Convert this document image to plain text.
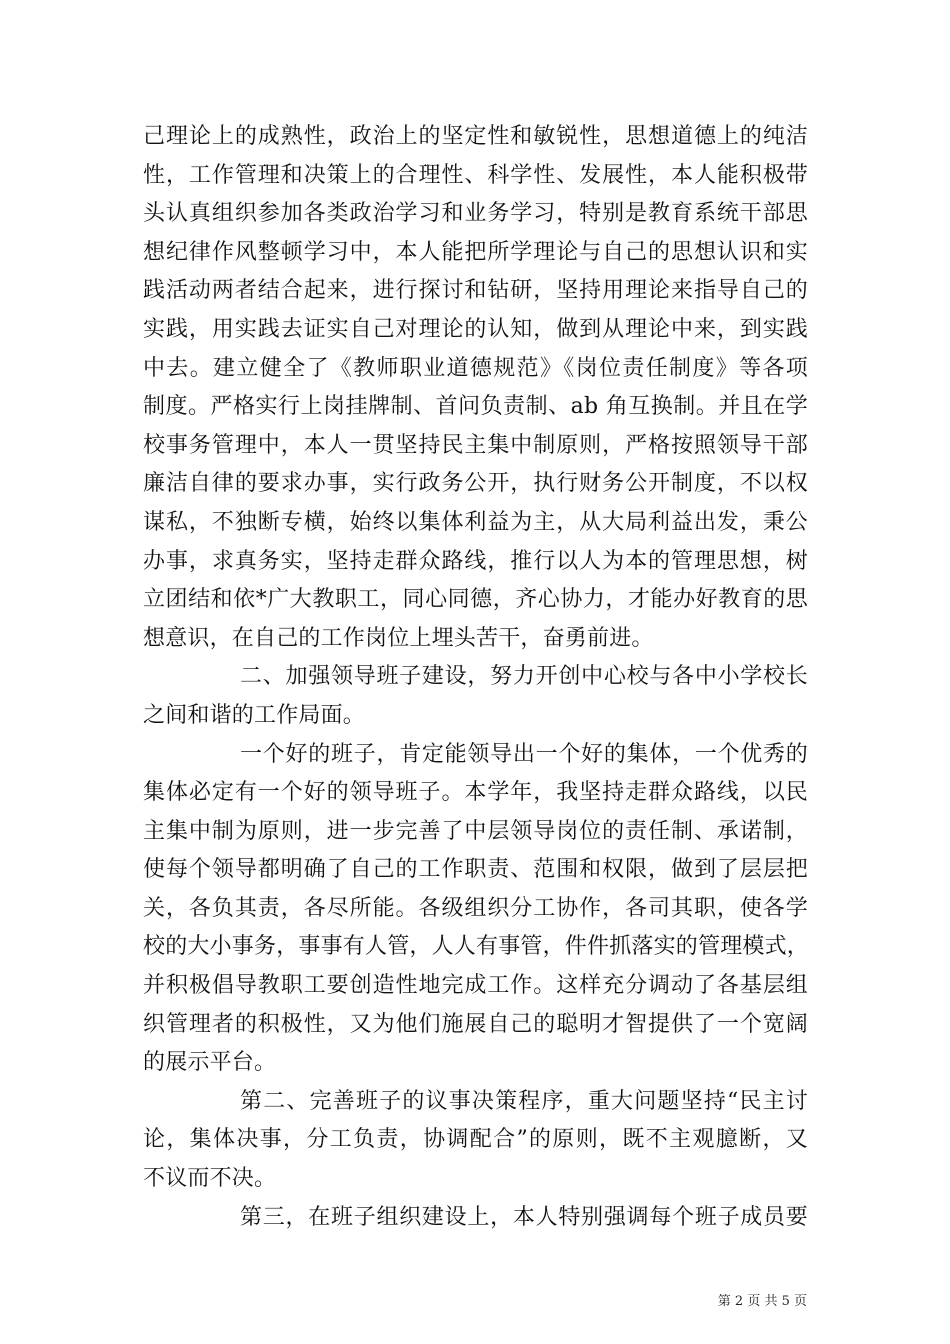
己理论上的成熟性，政治上的坚定性和敏锐性，思想道德上的纯洁
性，工作管理和决策上的合理性、科学性、发展性，本人能积极带
头认真组织参加各类政治学习和业务学习，特别是教育系统干部思
想纪律作风整顿学习中，本人能把所学理论与自己的思想认识和实
践活动两者结合起来，进行探讨和钻研，坚持用理论来指导自己的
实践，用实践去证实自己对理论的认知，做到从理论中来，到实践
中去。建立健全了《教师职业道德规范》《岗位责任制度》等各项
制度。严格实行上岗挂牌制、首问负责制、ab 角互换制。并且在学
校事务管理中，本人一贯坚持民主集中制原则，严格按照领导干部
廉洁自律的要求办事，实行政务公开，执行财务公开制度，不以权
谋私，不独断专横，始终以集体利益为主，从大局利益出发，秉公
办事，求真务实，坚持走群众路线，推行以人为本的管理思想，树
立团结和依*广大教职工，同心同德，齐心协力，才能办好教育的思
想意识，在自己的工作岗位上埋头苦干，奋勇前进。
二、加强领导班子建设，努力开创中心校与各中小学校长
之间和谐的工作局面。
一个好的班子，肯定能领导出一个好的集体，一个优秀的
集体必定有一个好的领导班子。本学年，我坚持走群众路线，以民
主集中制为原则，进一步完善了中层领导岗位的责任制、承诺制，
使每个领导都明确了自己的工作职责、范围和权限，做到了层层把
关，各负其责，各尽所能。各级组织分工协作，各司其职，使各学
校的大小事务，事事有人管，人人有事管，件件抓落实的管理模式，
并积极倡导教职工要创造性地完成工作。这样充分调动了各基层组
织管理者的积极性，又为他们施展自己的聪明才智提供了一个宽阔
的展示平台。
第二、完善班子的议事决策程序，重大问题坚持“民主讨
论，集体决事，分工负责，协调配合”的原则，既不主观臆断，又
不议而不决。
第三，在班子组织建设上，本人特别强调每个班子成员要
第 2 页 共 5 页
